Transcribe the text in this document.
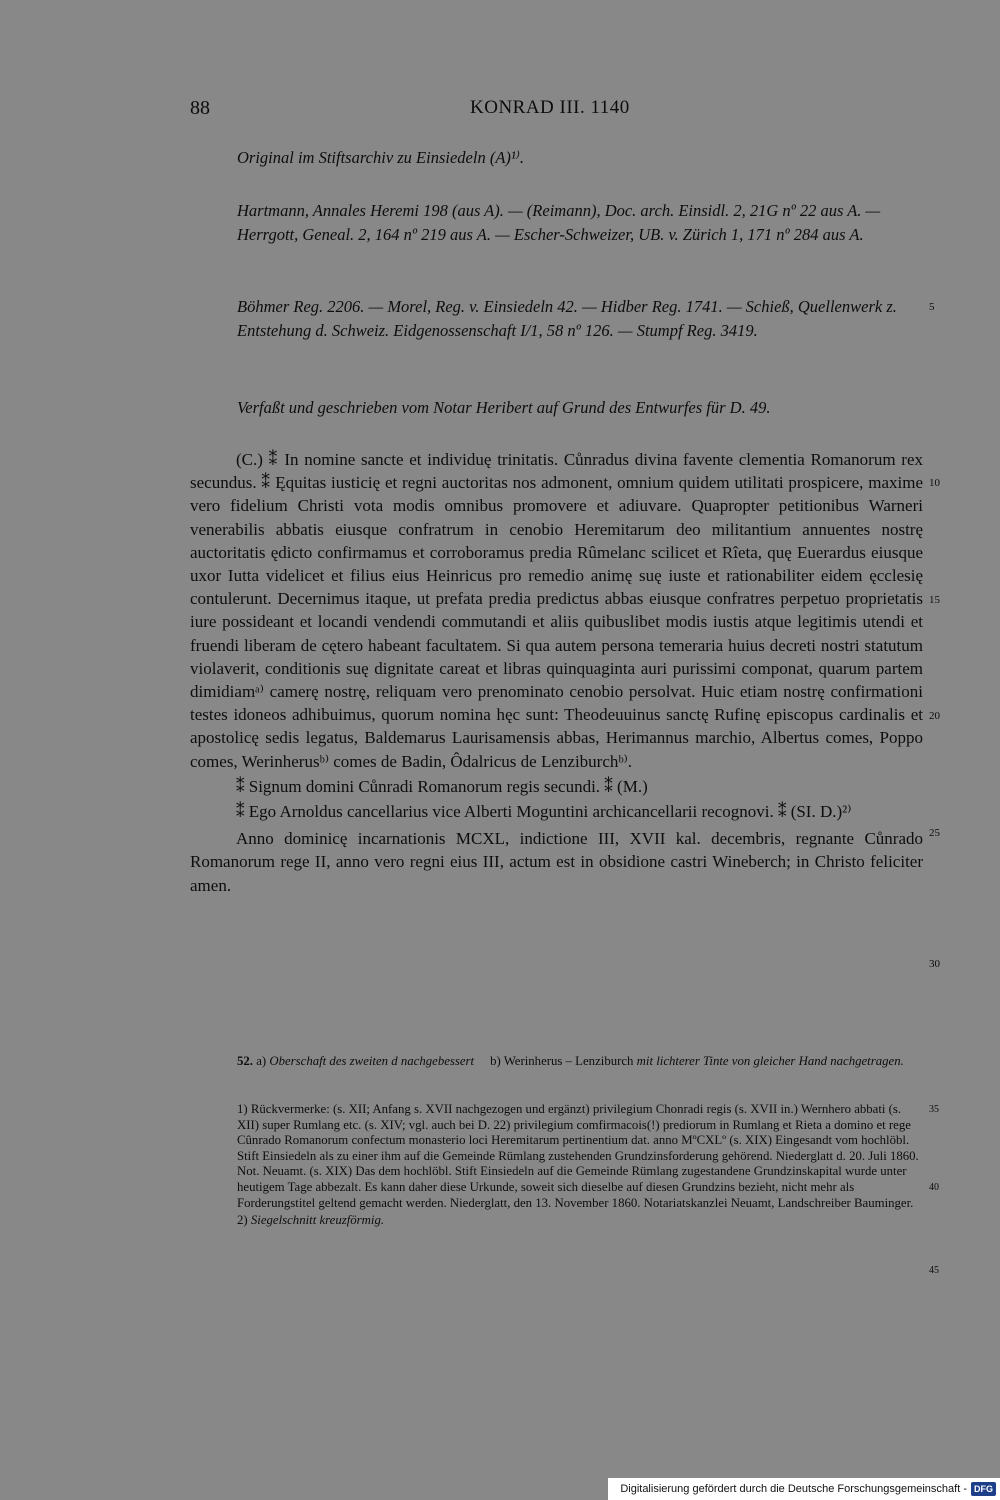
88	KONRAD III. 1140
Original im Stiftsarchiv zu Einsiedeln (A)¹⁾.
Hartmann, Annales Heremi 198 (aus A). — (Reimann), Doc. arch. Einsidl. 2, 21G nº 22 aus A. — Herrgott, Geneal. 2, 164 nº 219 aus A. — Escher-Schweizer, UB. v. Zürich 1, 171 nº 284 aus A.
Böhmer Reg. 2206. — Morel, Reg. v. Einsiedeln 42. — Hidber Reg. 1741. — Schieß, Quellenwerk z. Entstehung d. Schweiz. Eidgenossenschaft I/1, 58 nº 126. — Stumpf Reg. 3419.
Verfaßt und geschrieben vom Notar Heribert auf Grund des Entwurfes für D. 49.
5
10
15
20
25
30
35
40
45

(C.) ⁑ In nomine sancte et individuę trinitatis. Cůnradus divina favente clementia Romanorum rex secundus. ⁑ Ęquitas iusticię et regni auctoritas nos admonent, omnium quidem utilitati prospicere, maxime vero fidelium Christi vota modis omnibus promovere et adiuvare. Quapropter petitionibus Warneri venerabilis abbatis eiusque confratrum in cenobio Heremitarum deo militantium annuentes nostrę auctoritatis ędicto confirmamus et corroboramus predia Rûmelanc scilicet et Rîeta, quę Euerardus eiusque uxor Iutta videlicet et filius eius Heinricus pro remedio animę suę iuste et rationabiliter eidem ęcclesię contulerunt. Decernimus itaque, ut prefata predia predictus abbas eiusque confratres perpetuo proprietatis iure possideant et locandi vendendi commutandi et aliis quibuslibet modis iustis atque legitimis utendi et fruendi liberam de cętero habeant facultatem. Si qua autem persona temeraria huius decreti nostri statutum violaverit, conditionis suę dignitate careat et libras quinquaginta auri purissimi componat, quarum partem dimidiamᵃ⁾ camerę nostrę, reliquam vero prenominato cenobio persolvat. Huic etiam nostrę confirmationi testes idoneos adhibuimus, quorum nomina hęc sunt: Theodeuuinus sanctę Rufinę episcopus cardinalis et apostolicę sedis legatus, Baldemarus Laurisamensis abbas, Herimannus marchio, Albertus comes, Poppo comes, Werinherusᵇ⁾ comes de Badin, Ôdalricus de Lenziburchᵇ⁾.

⁑ Signum domini Cůnradi Romanorum regis secundi. ⁑ (M.)

⁑ Ego Arnoldus cancellarius vice Alberti Moguntini archicancellarii recognovi. ⁑ (SI. D.)²⁾

Anno dominicę incarnationis MCXL, indictione III, XVII kal. decembris, regnante Cůnrado Romanorum rege II, anno vero regni eius III, actum est in obsidione castri Wineberch; in Christo feliciter amen.

52. a) Oberschaft des zweiten d nachgebessert b) Werinherus – Lenziburch mit lichterer Tinte von gleicher Hand nachgetragen.

1) Rückvermerke: (s. XII; Anfang s. XVII nachgezogen und ergänzt) privilegium Chonradi regis (s. XVII in.) Wernhero abbati (s. XII) super Rumlang etc. (s. XIV; vgl. auch bei D. 22) privilegium comfirmacois(!) prediorum in Rumlang et Rieta a domino et rege Cûnrado Romanorum confectum monasterio loci Heremitarum pertinentium dat. anno MºCXLº (s. XIX) Eingesandt vom hochlöbl. Stift Einsiedeln als zu einer ihm auf die Gemeinde Rümlang zustehenden Grundzinsforderung gehörend. Niederglatt d. 20. Juli 1860. Not. Neuamt. (s. XIX) Das dem hochlöbl. Stift Einsiedeln auf die Gemeinde Rümlang zugestandene Grundzinskapital wurde unter heutigem Tage abbezalt. Es kann daher diese Urkunde, soweit sich dieselbe auf diesen Grundzins bezieht, nicht mehr als Forderungstitel geltend gemacht werden. Niederglatt, den 13. November 1860. Notariatskanzlei Neuamt, Landschreiber Bauminger.

2) Siegelschnitt kreuzförmig.

Digitalisierung gefördert durch die Deutsche Forschungsgemeinschaft - DFG
